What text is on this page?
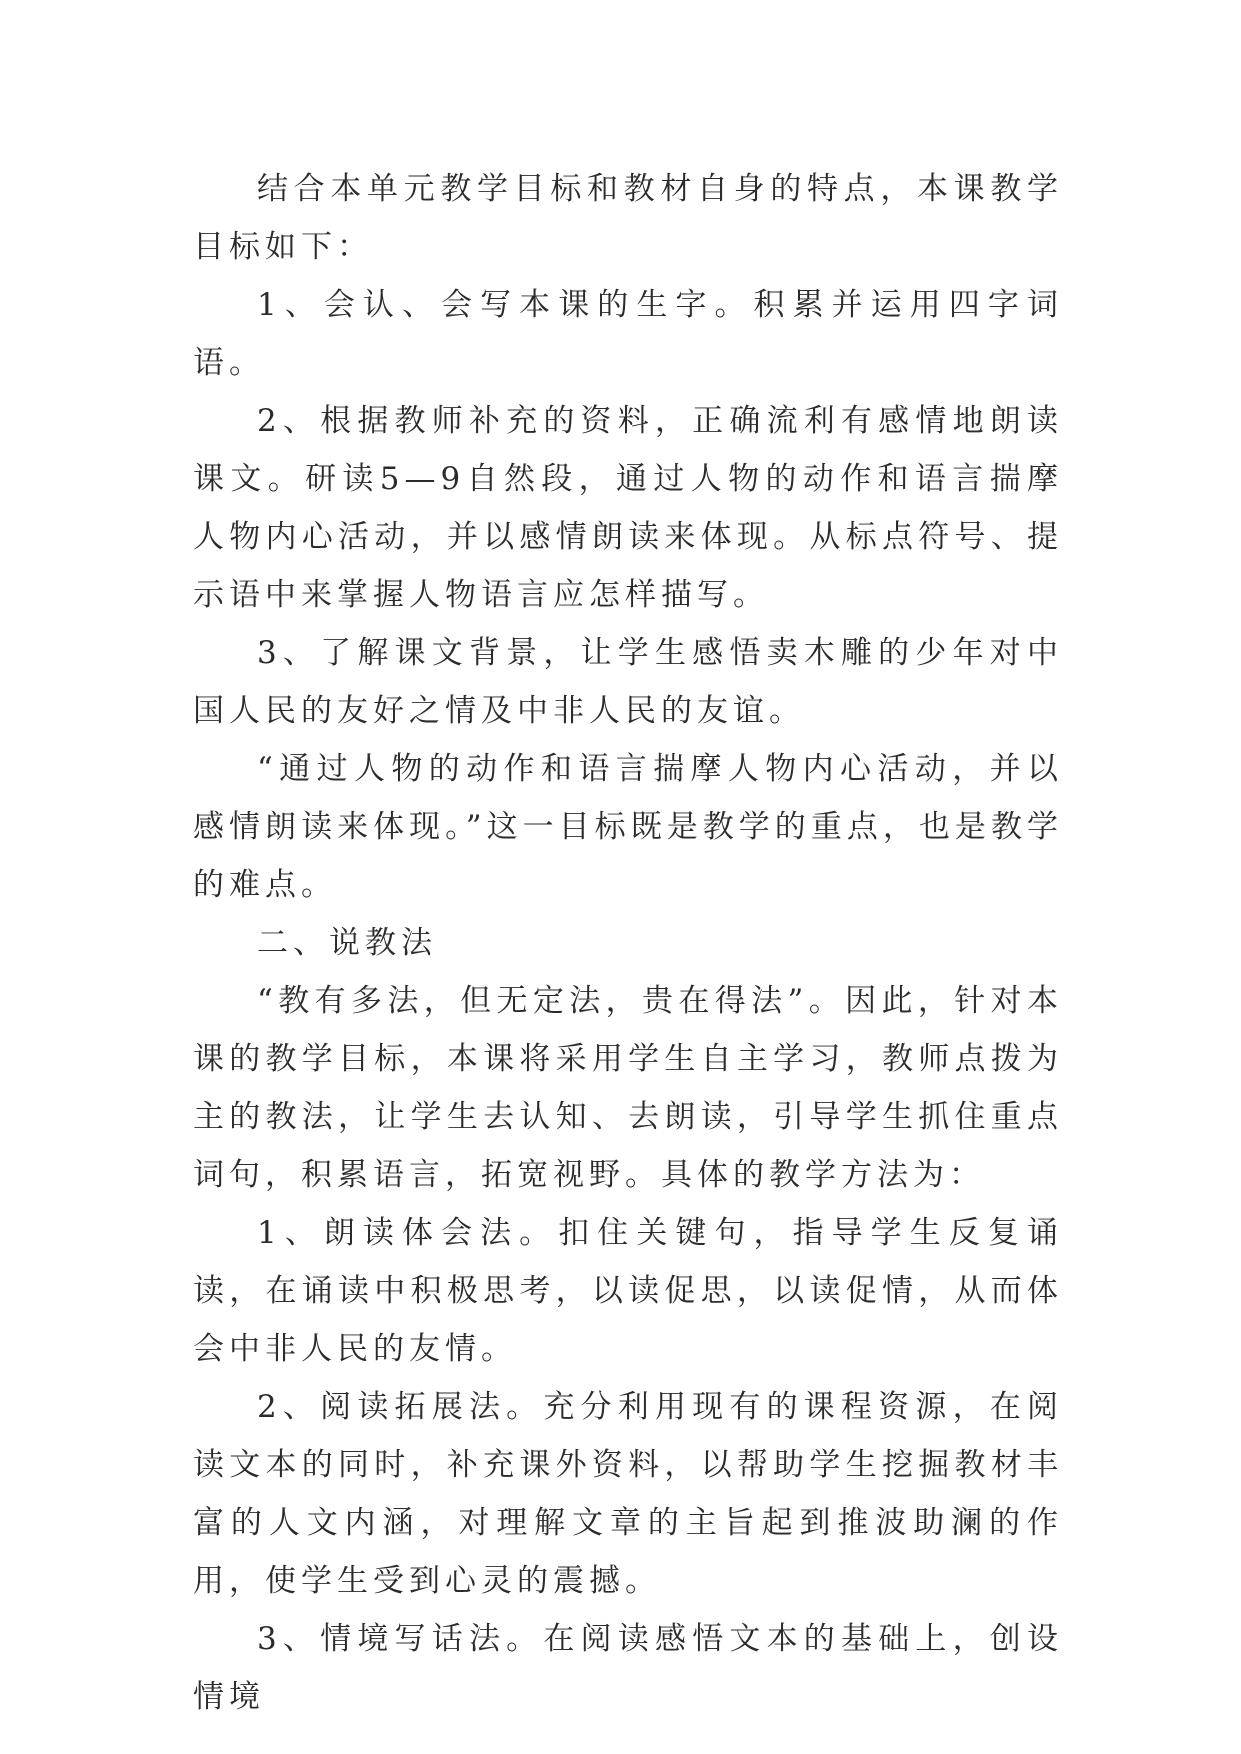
结合本单元教学目标和教材自身的特点，本课教学目标如下：

1、会认、会写本课的生字。积累并运用四字词语。

2、根据教师补充的资料，正确流利有感情地朗读课文。研读5—9自然段，通过人物的动作和语言揣摩人物内心活动，并以感情朗读来体现。从标点符号、提示语中来掌握人物语言应怎样描写。

3、了解课文背景，让学生感悟卖木雕的少年对中国人民的友好之情及中非人民的友谊。

“通过人物的动作和语言揣摩人物内心活动，并以感情朗读来体现。”这一目标既是教学的重点，也是教学的难点。

二、说教法

“教有多法，但无定法，贵在得法”。因此，针对本课的教学目标，本课将采用学生自主学习，教师点拨为主的教法，让学生去认知、去朗读，引导学生抓住重点词句，积累语言，拓宽视野。具体的教学方法为：

1、朗读体会法。扣住关键句，指导学生反复诵读，在诵读中积极思考，以读促思，以读促情，从而体会中非人民的友情。

2、阅读拓展法。充分利用现有的课程资源，在阅读文本的同时，补充课外资料，以帮助学生挖掘教材丰富的人文内涵，对理解文章的主旨起到推波助澜的作用，使学生受到心灵的震撼。

3、情境写话法。在阅读感悟文本的基础上，创设情境
